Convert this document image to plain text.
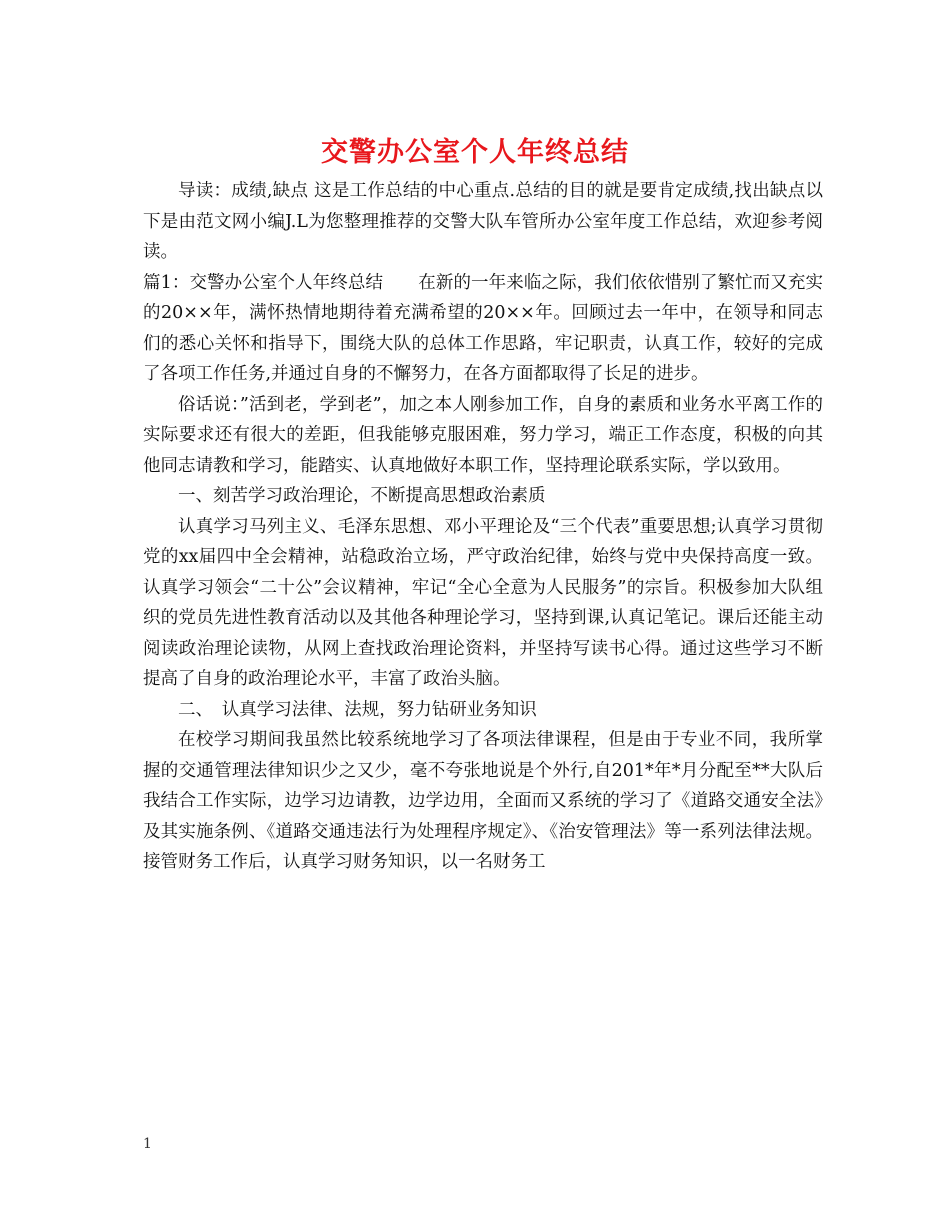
交警办公室个人年终总结

导读：成绩,缺点 这是工作总结的中心重点.总结的目的就是要肯定成绩,找出缺点以下是由范文网小编J.L为您整理推荐的交警大队车管所办公室年度工作总结，欢迎参考阅读。

篇1：交警办公室个人年终总结　　在新的一年来临之际，我们依依惜别了繁忙而又充实的20××年，满怀热情地期待着充满希望的20××年。回顾过去一年中，在领导和同志们的悉心关怀和指导下，围绕大队的总体工作思路，牢记职责，认真工作，较好的完成了各项工作任务,并通过自身的不懈努力，在各方面都取得了长足的进步。

俗话说：”活到老，学到老”，加之本人刚参加工作，自身的素质和业务水平离工作的实际要求还有很大的差距，但我能够克服困难，努力学习，端正工作态度，积极的向其他同志请教和学习，能踏实、认真地做好本职工作，坚持理论联系实际，学以致用。

一、刻苦学习政治理论，不断提高思想政治素质

认真学习马列主义、毛泽东思想、邓小平理论及“三个代表”重要思想;认真学习贯彻党的xx届四中全会精神，站稳政治立场，严守政治纪律，始终与党中央保持高度一致。认真学习领会“二十公”会议精神，牢记“全心全意为人民服务”的宗旨。积极参加大队组织的党员先进性教育活动以及其他各种理论学习，坚持到课,认真记笔记。课后还能主动阅读政治理论读物，从网上查找政治理论资料，并坚持写读书心得。通过这些学习不断提高了自身的政治理论水平，丰富了政治头脑。

二、　认真学习法律、法规，努力钻研业务知识

在校学习期间我虽然比较系统地学习了各项法律课程，但是由于专业不同，我所掌握的交通管理法律知识少之又少，毫不夸张地说是个外行,自201*年*月分配至**大队后我结合工作实际，边学习边请教，边学边用，全面而又系统的学习了《道路交通安全法》及其实施条例、《道路交通违法行为处理程序规定》、《治安管理法》等一系列法律法规。接管财务工作后，认真学习财务知识，以一名财务工

1
